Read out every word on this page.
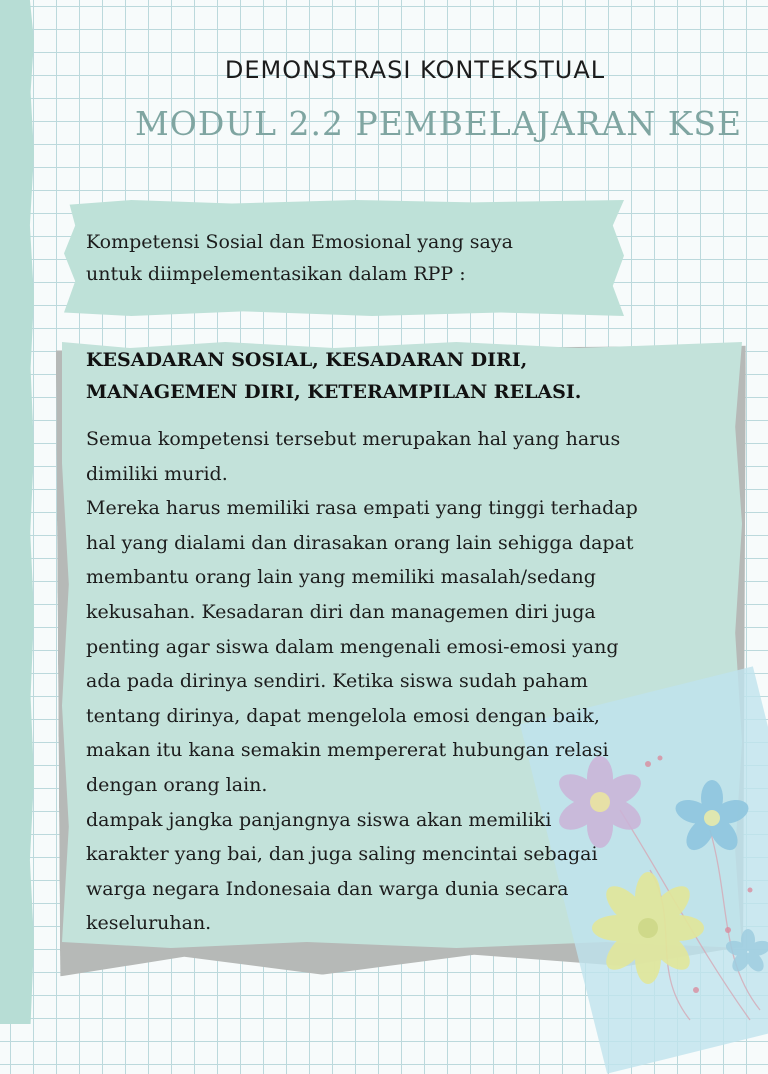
DEMONSTRASI KONTEKSTUAL
MODUL 2.2 PEMBELAJARAN KSE
Kompetensi Sosial dan Emosional yang saya
untuk diimpelementasikan dalam RPP :
KESADARAN SOSIAL, KESADARAN DIRI,
MANAGEMEN DIRI, KETERAMPILAN RELASI.
Semua kompetensi tersebut merupakan hal yang harus
dimiliki murid.
Mereka harus memiliki rasa empati yang tinggi terhadap
hal yang dialami dan dirasakan orang lain sehigga dapat
membantu orang lain yang memiliki masalah/sedang
kekusahan. Kesadaran diri dan managemen diri juga
penting agar siswa dalam mengenali emosi-emosi yang
ada pada dirinya sendiri. Ketika siswa sudah paham
tentang dirinya, dapat mengelola emosi dengan baik,
makan itu kana semakin mempererat hubungan relasi
dengan orang lain.
dampak jangka panjangnya siswa akan memiliki
karakter yang bai, dan juga saling mencintai sebagai
warga negara Indonesaia dan warga dunia secara
keseluruhan.
